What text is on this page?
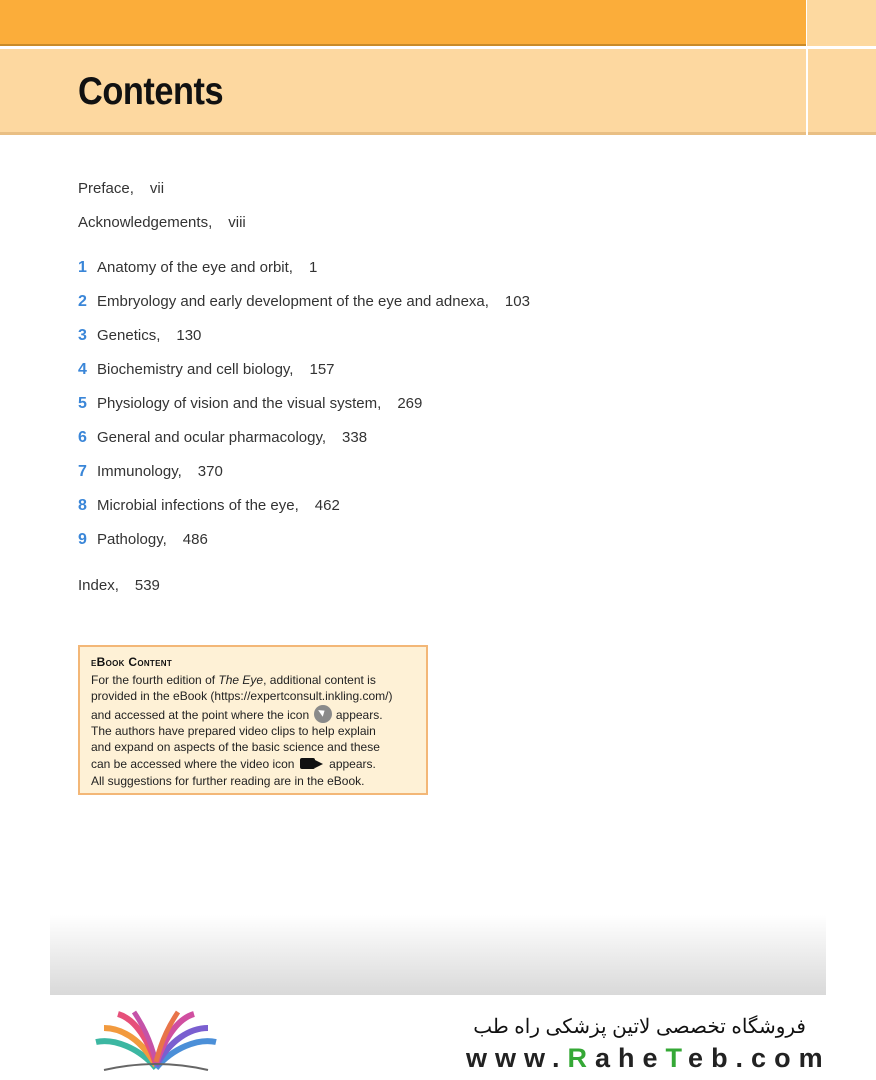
Contents
Preface, vii
Acknowledgements, viii
1 Anatomy of the eye and orbit, 1
2 Embryology and early development of the eye and adnexa, 103
3 Genetics, 130
4 Biochemistry and cell biology, 157
5 Physiology of vision and the visual system, 269
6 General and ocular pharmacology, 338
7 Immunology, 370
8 Microbial infections of the eye, 462
9 Pathology, 486
Index, 539
eBook Content
For the fourth edition of The Eye, additional content is
provided in the eBook (https://expertconsult.inkling.com/)
and accessed at the point where the icon appears.
The authors have prepared video clips to help explain
and expand on aspects of the basic science and these
can be accessed where the video icon	appears.
All suggestions for further reading are in the eBook.
فروشگاه تخصصی لاتین پزشکی راه طب
www.RaheTeb.com
